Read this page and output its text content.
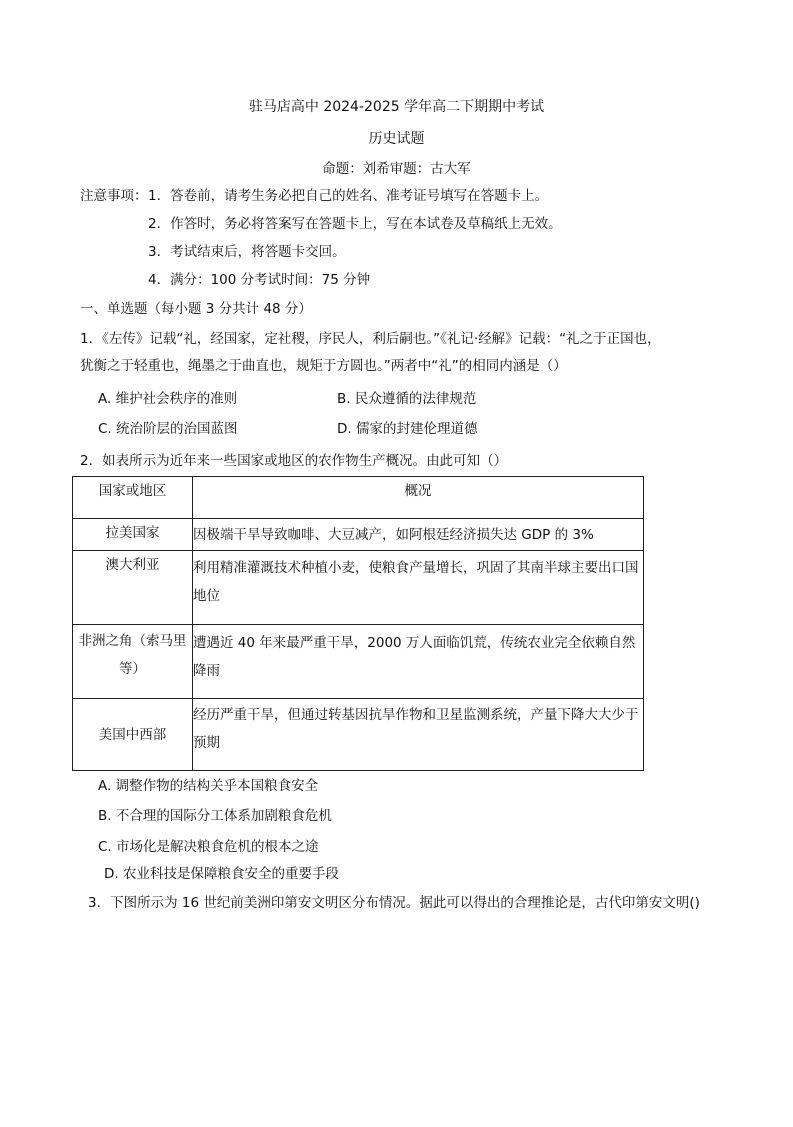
驻马店高中 2024-2025 学年高二下期期中考试
历史试题
命题：刘希审题：古大军
注意事项： 1．答卷前，请考生务必把自己的姓名、准考证号填写在答题卡上。
2．作答时，务必将答案写在答题卡上，写在本试卷及草稿纸上无效。
3．考试结束后，将答题卡交回。
4．满分：100 分考试时间：75 分钟
一、单选题（每小题 3 分共计 48 分）
1．《左传》记载“礼，经国家，定社稷，序民人，利后嗣也。”《礼记·经解》记载：“礼之于正国也，
犹衡之于轻重也，绳墨之于曲直也，规矩于方圆也。”两者中“礼”的相同内涵是（）
A. 维护社会秩序的准则	B. 民众遵循的法律规范
C. 统治阶层的治国蓝图	D. 儒家的封建伦理道德
2．如表所示为近年来一些国家或地区的农作物生产概况。由此可知（）
国家或地区	概况

拉美国家	因极端干旱导致咖啡、大豆减产，如阿根廷经济损失达 GDP 的 3%

澳大利亚	利用精准灌溉技术种植小麦，使粮食产量增长，巩固了其南半球主要出口国地位

非洲之角（索马里等）	遭遇近 40 年来最严重干旱，2000 万人面临饥荒，传统农业完全依赖自然降雨

美国中西部	经历严重干旱，但通过转基因抗旱作物和卫星监测系统，产量下降大大少于预期
A. 调整作物的结构关乎本国粮食安全
B. 不合理的国际分工体系加剧粮食危机
C. 市场化是解决粮食危机的根本之途
D. 农业科技是保障粮食安全的重要手段
3．下图所示为 16 世纪前美洲印第安文明区分布情况。据此可以得出的合理推论是，古代印第安文明()
